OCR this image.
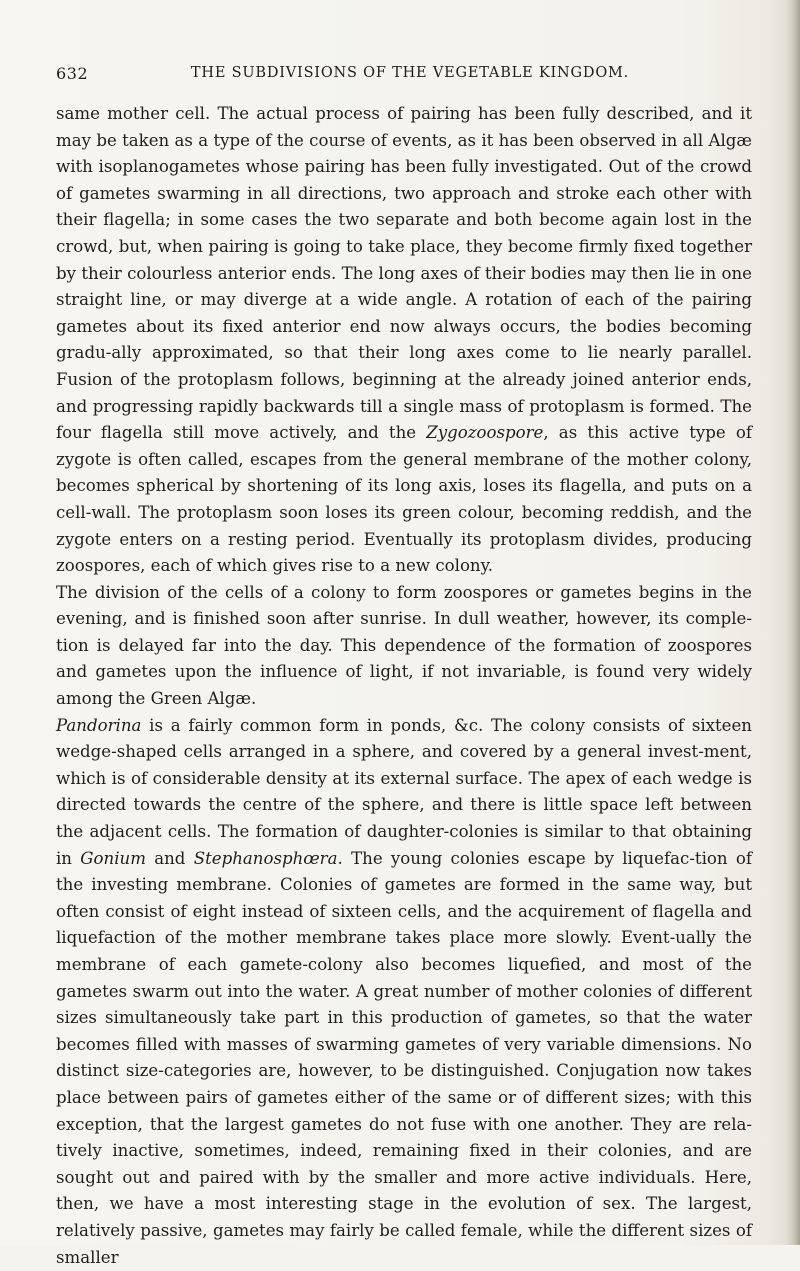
632	THE SUBDIVISIONS OF THE VEGETABLE KINGDOM.

same mother cell. The actual process of pairing has been fully described, and it may be taken as a type of the course of events, as it has been observed in all Algæ with isoplanogametes whose pairing has been fully investigated. Out of the crowd of gametes swarming in all directions, two approach and stroke each other with their flagella; in some cases the two separate and both become again lost in the crowd, but, when pairing is going to take place, they become firmly fixed together by their colourless anterior ends. The long axes of their bodies may then lie in one straight line, or may diverge at a wide angle. A rotation of each of the pairing gametes about its fixed anterior end now always occurs, the bodies becoming gradu-ally approximated, so that their long axes come to lie nearly parallel. Fusion of the protoplasm follows, beginning at the already joined anterior ends, and progressing rapidly backwards till a single mass of protoplasm is formed. The four flagella still move actively, and the Zygozoospore, as this active type of zygote is often called, escapes from the general membrane of the mother colony, becomes spherical by shortening of its long axis, loses its flagella, and puts on a cell-wall. The protoplasm soon loses its green colour, becoming reddish, and the zygote enters on a resting period. Eventually its protoplasm divides, producing zoospores, each of which gives rise to a new colony.

The division of the cells of a colony to form zoospores or gametes begins in the evening, and is finished soon after sunrise. In dull weather, however, its comple-tion is delayed far into the day. This dependence of the formation of zoospores and gametes upon the influence of light, if not invariable, is found very widely among the Green Algæ.

Pandorina is a fairly common form in ponds, &c. The colony consists of sixteen wedge-shaped cells arranged in a sphere, and covered by a general invest-ment, which is of considerable density at its external surface. The apex of each wedge is directed towards the centre of the sphere, and there is little space left between the adjacent cells. The formation of daughter-colonies is similar to that obtaining in Gonium and Stephanosphœra. The young colonies escape by liquefac-tion of the investing membrane. Colonies of gametes are formed in the same way, but often consist of eight instead of sixteen cells, and the acquirement of flagella and liquefaction of the mother membrane takes place more slowly. Event-ually the membrane of each gamete-colony also becomes liquefied, and most of the gametes swarm out into the water. A great number of mother colonies of different sizes simultaneously take part in this production of gametes, so that the water becomes filled with masses of swarming gametes of very variable dimensions. No distinct size-categories are, however, to be distinguished. Conjugation now takes place between pairs of gametes either of the same or of different sizes; with this exception, that the largest gametes do not fuse with one another. They are rela-tively inactive, sometimes, indeed, remaining fixed in their colonies, and are sought out and paired with by the smaller and more active individuals. Here, then, we have a most interesting stage in the evolution of sex. The largest, relatively passive, gametes may fairly be called female, while the different sizes of smaller
